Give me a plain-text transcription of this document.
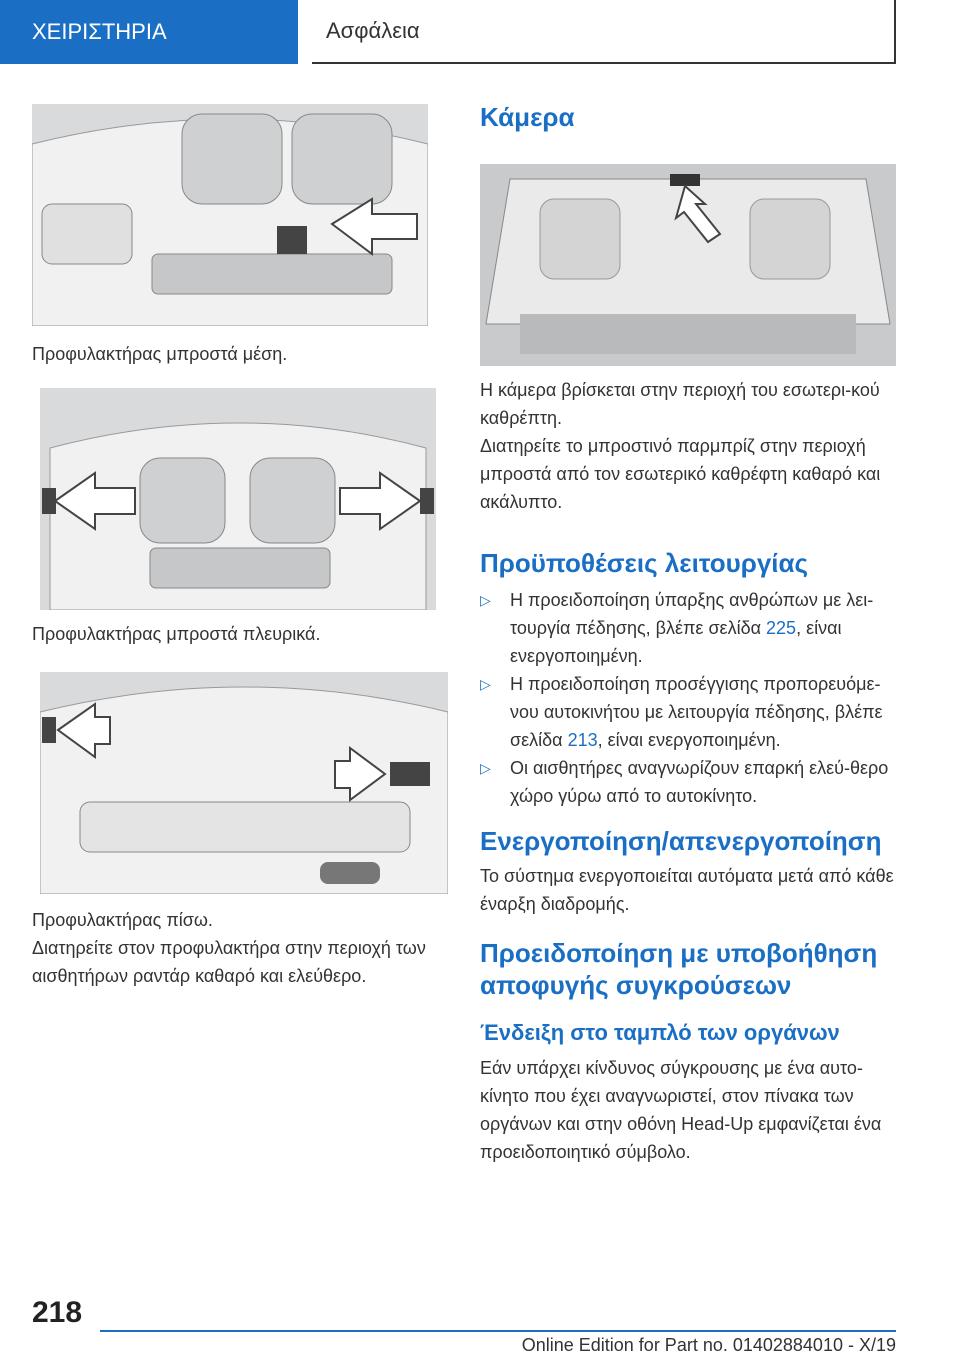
ΧΕΙΡΙΣΤΗΡΙΑ	Ασφάλεια
Προφυλακτήρας μπροστά μέση.
Προφυλακτήρας μπροστά πλευρικά.
Προφυλακτήρας πίσω.
Διατηρείτε στον προφυλακτήρα στην περιοχή των αισθητήρων ραντάρ καθαρό και ελεύθερο.
Κάμερα
Η κάμερα βρίσκεται στην περιοχή του εσωτερι-κού καθρέπτη.
Διατηρείτε το μπροστινό παρμπρίζ στην περιοχή μπροστά από τον εσωτερικό καθρέφτη καθαρό και ακάλυπτο.
Προϋποθέσεις λειτουργίας
▷ Η προειδοποίηση ύπαρξης ανθρώπων με λει-τουργία πέδησης, βλέπε σελίδα 225, είναι ενεργοποιημένη.
▷ Η προειδοποίηση προσέγγισης προπορευόμε-νου αυτοκινήτου με λειτουργία πέδησης, βλέπε σελίδα 213, είναι ενεργοποιημένη.
▷ Οι αισθητήρες αναγνωρίζουν επαρκή ελεύ-θερο χώρο γύρω από το αυτοκίνητο.
Ενεργοποίηση/απενεργοποίηση
Το σύστημα ενεργοποιείται αυτόματα μετά από κάθε έναρξη διαδρομής.
Προειδοποίηση με υποβοήθηση
αποφυγής συγκρούσεων
Ένδειξη στο ταμπλό των οργάνων
Εάν υπάρχει κίνδυνος σύγκρουσης με ένα αυτο-κίνητο που έχει αναγνωριστεί, στον πίνακα των οργάνων και στην οθόνη Head-Up εμφανίζεται ένα προειδοποιητικό σύμβολο.
218
Online Edition for Part no. 01402884010 - X/19
